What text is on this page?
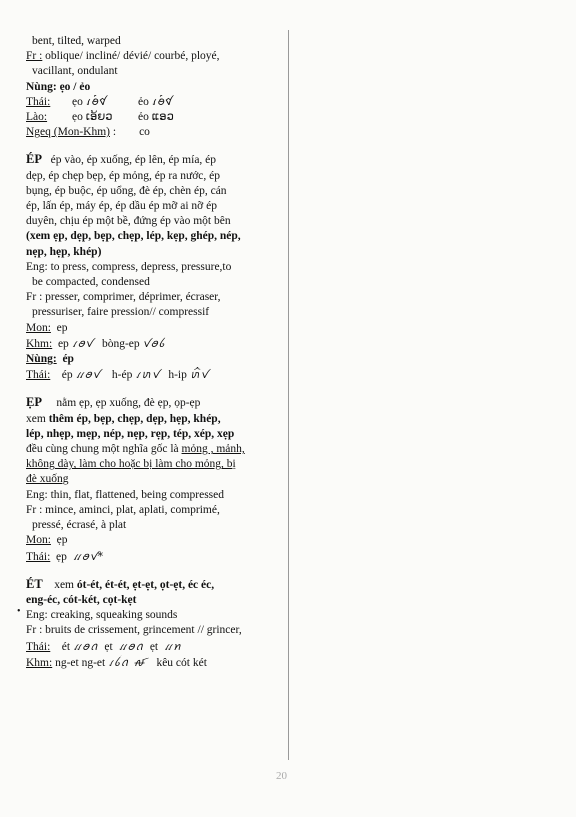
•
bent, tilted, warped
Fr : oblique/ incliné/ dévié/ courbé, ployé,
vacillant, ondulant
Nùng: ẹo / ẻo
Thái: ẹo ꪹꪮ꫁ꪥ	ẻo ꪹꪮ꫁ꪥ
Lào: ẹo ເອ້ຍວ ẻo ແອວ
Ngeq (Mon-Khm) :        co
ÉP ép vào, ép xuống, ép lên, ép mía, ép
dẹp, ép chẹp bẹp, ép mỏng, ép ra nước, ép
bụng, ép buộc, ép uổng, đè ép, chèn ép, cán
ép, lấn ép, máy ép, ép dầu ép mỡ ai nỡ ép
duyên, chịu ép một bề, đứng ép vào một bên
(xem ẹp, dẹp, bẹp, chẹp, lép, kẹp, ghép, nép,
nẹp, hẹp, khép)
Eng: to press, compress, depress, pressure,to
be compacted, condensed
Fr : presser, comprimer, déprimer, écraser,
pressuriser, faire pression// compressif
Mon: ep
Khm: ep ꪹꪮꪚ bòng-ep ꪚꪮꪉ
Nùng: ép
Thái: ép ꪵꪮꪚ h-ép ꪹꪬꪚ h-ip ꪬꪲꪚ
ẸP nằm ẹp, ẹp xuống, đè ẹp, ọp-ẹp
xem thêm ép, bẹp, chẹp, dẹp, hẹp, khép,
lép, nhẹp, mẹp, nép, nẹp, rẹp, tép, xép, xẹp
đều cùng chung một nghĩa gốc là mỏng , mảnh,
không dày, làm cho hoặc bị làm cho mỏng, bị
đè xuống
Eng: thin, flat, flattened, being compressed
Fr : mince, aminci, plat, aplati, comprimé,
pressé, écrasé, à plat
Mon: ẹp
Thái: ẹp ꪵꪮꪚ*
ÉT xem ót-ét, ét-ét, ẹt-ẹt, ọt-ẹt, éc éc,
eng-éc, cót-két, cọt-kẹt
Eng: creaking, squeaking sounds
Fr : bruits de crissement, grincement // grincer,
Thái: ét ꪵꪮꪒ ẹt ꪵꪮꪒ ẹt ꪵꪀ
Khm: ng-et ng-et ꪹꪉ꪿ꪒ ꫛ kêu cót két
20
